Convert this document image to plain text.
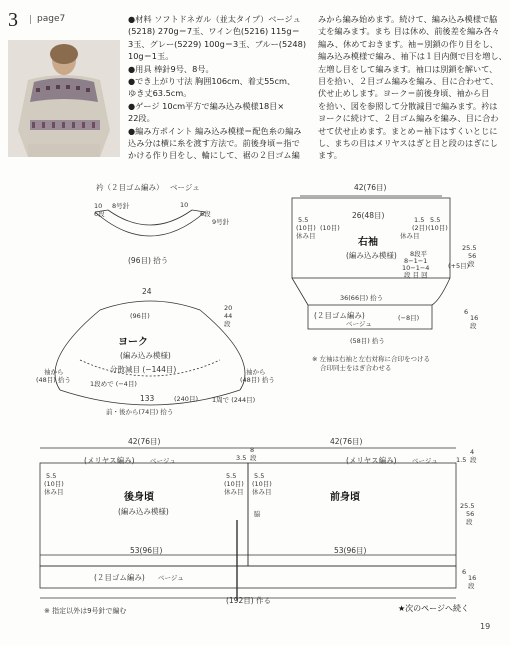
3	page7	●材料 ソフトドネガル（並太タイプ）ベージュ
(5218) 270g＝7玉、ワイン色(5216) 115g＝
3玉、グレー(5229) 100g＝3玉、ブルー(5248)
10g＝1玉。
●用具 棒針9号、8号。
●でき上がり寸法 胸囲106cm、着丈55cm、
ゆき丈63.5cm。
●ゲージ 10cm平方で編み込み模様18目×
22段。
●編み方ポイント 編み込み模様＝配色糸の編み
込み分は横に糸を渡す方法で。前後身頃＝指で
かける作り目をし、輪にして、裾の２目ゴム編
みから編み始めます。続けて、編み込み模様で脇
丈を編みます。まち 目は休め、前後差を編み各々
編み、休めておきます。袖＝別鎖の作り目をし、
編み込み模様で編み、袖下は１目内側で目を増し、
左増し目をして編みます。袖口は別鎖を解いて、
目を拾い、２目ゴム編みを編み、目に合わせて、
伏せ止めします。ヨーク＝前後身頃、袖から目
を拾い、図を参照して分散減目で編みます。衿は
ヨークに続けて、２目ゴム編みを編み、目に合わ
せて伏せ止めます。まとめ＝袖下はすくいとじに
し、まちの目はメリヤスはぎと目と段のはぎにし
ます。
衿（２目ゴム編み） ベージュ
10
6段
8号針	10
6段
9号針
(96目) 拾う
24
(96目)
20
44
段
ヨーク
(編み込み模様)
分散減目 (−144目)
袖から
(48目) 拾う
袖から
(48目) 拾う
1段めで (−4目)
133	(240目) 1周で (244目)
前・後から(74目) 拾う
42(76目)
5.5
(10目) (10目)
休み目
26(48目)
休み目
1.5
(2目) (10目)
5.5
右袖
(編み込み模様) 8段平
8−1−1
10−1−4
段 目 回
(+5目)
25.5
56
段
36(66目) 拾う
(２目ゴム編み)
ベージュ
(−8目)
6
16
段
(58目) 拾う
※ 左袖は右袖と左右対称に合印をつける
合印同士をはぎ合わせる
42(76目)
(メリヤス編み) ベージュ	3.5
8
段
5.5
(10目)
休み目
5.5
(10目)
休み目
後身頃
(編み込み模様)	脇
53(96目)
(２目ゴム編み) ベージュ
42(76目)
(メリヤス編み) ベージュ	1.5
4
段
5.5
(10目)
休み目	前身頃
25.5
56
段
53(96目)
6
16
段
(192目) 作る
※ 指定以外は9号針で編む	★次のページへ続く
19
